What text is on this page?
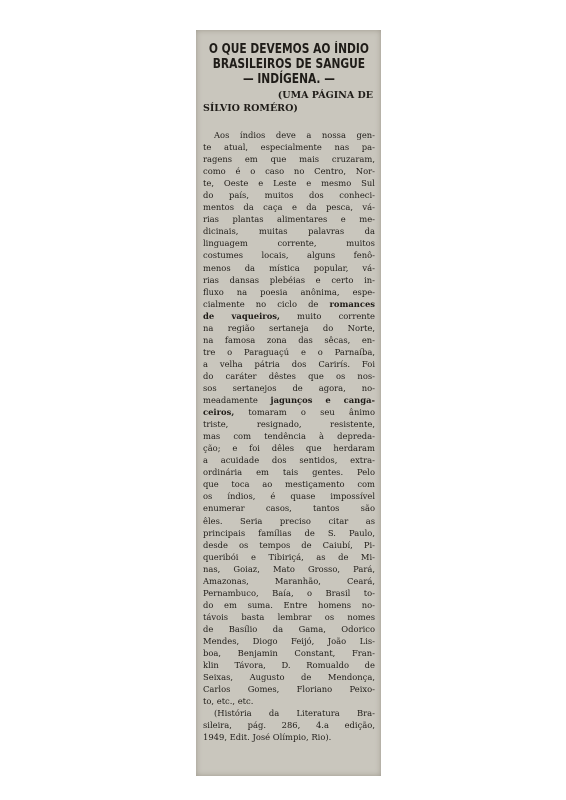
O QUE DEVEMOS AO ÍNDIO
BRASILEIROS DE SANGUE
— INDÍGENA. —
(UMA PÁGINA DE
SÍLVIO ROMÉRO)
Aos índios deve a nossa gen-
te atual, especialmente nas pa-
ragens em que mais cruzaram,
como é o caso no Centro, Nor-
te, Oeste e Leste e mesmo Sul
do país, muitos dos conheci-
mentos da caça e da pesca, vá-
rias plantas alimentares e me-
dicinais, muitas palavras da
linguagem corrente, muitos
costumes locais, alguns fenô-
menos da mística popular, vá-
rias dansas plebéias e certo in-
fluxo na poesia anônima, espe-
cialmente no ciclo de romances
de vaqueiros, muito corrente
na região sertaneja do Norte,
na famosa zona das sêcas, en-
tre o Paraguaçú e o Parnaíba,
a velha pátria dos Carirís. Foi
do caráter dêstes que os nos-
sos sertanejos de agora, no-
meadamente jagunços e canga-
ceiros, tomaram o seu ânimo
triste, resignado, resistente,
mas com tendência à depreda-
ção; e foi dêles que herdaram
a acuidade dos sentidos, extra-
ordinária em tais gentes. Pelo
que toca ao mestiçamento com
os índios, é quase impossível
enumerar casos, tantos são
êles. Seria preciso citar as
principais famílias de S. Paulo,
desde os tempos de Caiubí, Pi-
queribói e Tibiriçá, as de Mi-
nas, Goiaz, Mato Grosso, Pará,
Amazonas, Maranhão, Ceará,
Pernambuco, Baía, o Brasil to-
do em suma. Entre homens no-
távois basta lembrar os nomes
de Basílio da Gama, Odorico
Mendes, Diogo Feijó, João Lis-
boa, Benjamin Constant, Fran-
klin Távora, D. Romualdo de
Seixas, Augusto de Mendonça,
Carlos Gomes, Floriano Peixo-
to, etc., etc.
(História da Literatura Bra-
sileira, pág. 286, 4.a edição,
1949, Edit. José Olímpio, Rio).
